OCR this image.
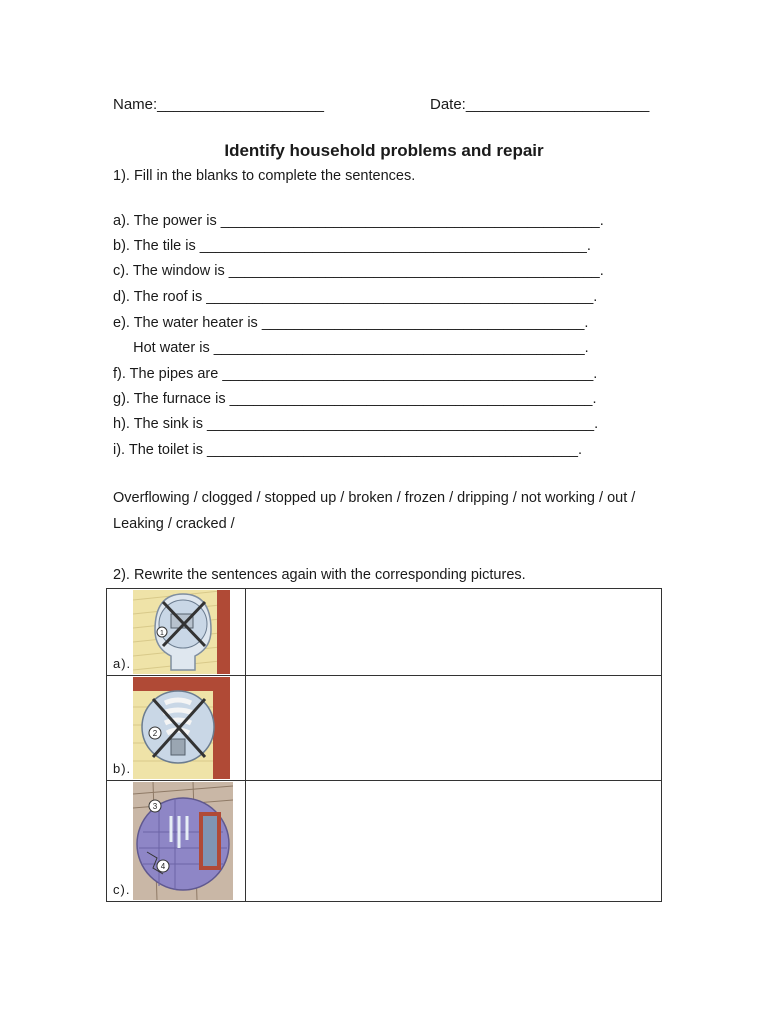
Name:____________________	Date:______________________
Identify household problems and repair
1). Fill in the blanks to complete the sentences.
a). The power is _______________________________________________.
b). The tile is ________________________________________________.
c). The window is ______________________________________________.
d). The roof is ________________________________________________.
e). The water heater is ________________________________________.
Hot water is ______________________________________________.
f). The pipes are ______________________________________________.
g). The furnace is _____________________________________________.
h). The sink is ________________________________________________.
i). The toilet is ______________________________________________.
Overflowing / clogged / stopped up / broken / frozen / dripping / not working / out /
Leaking / cracked /
2). Rewrite the sentences again with the corresponding pictures.
1
a).	

2
b).	

3
4
c).	
